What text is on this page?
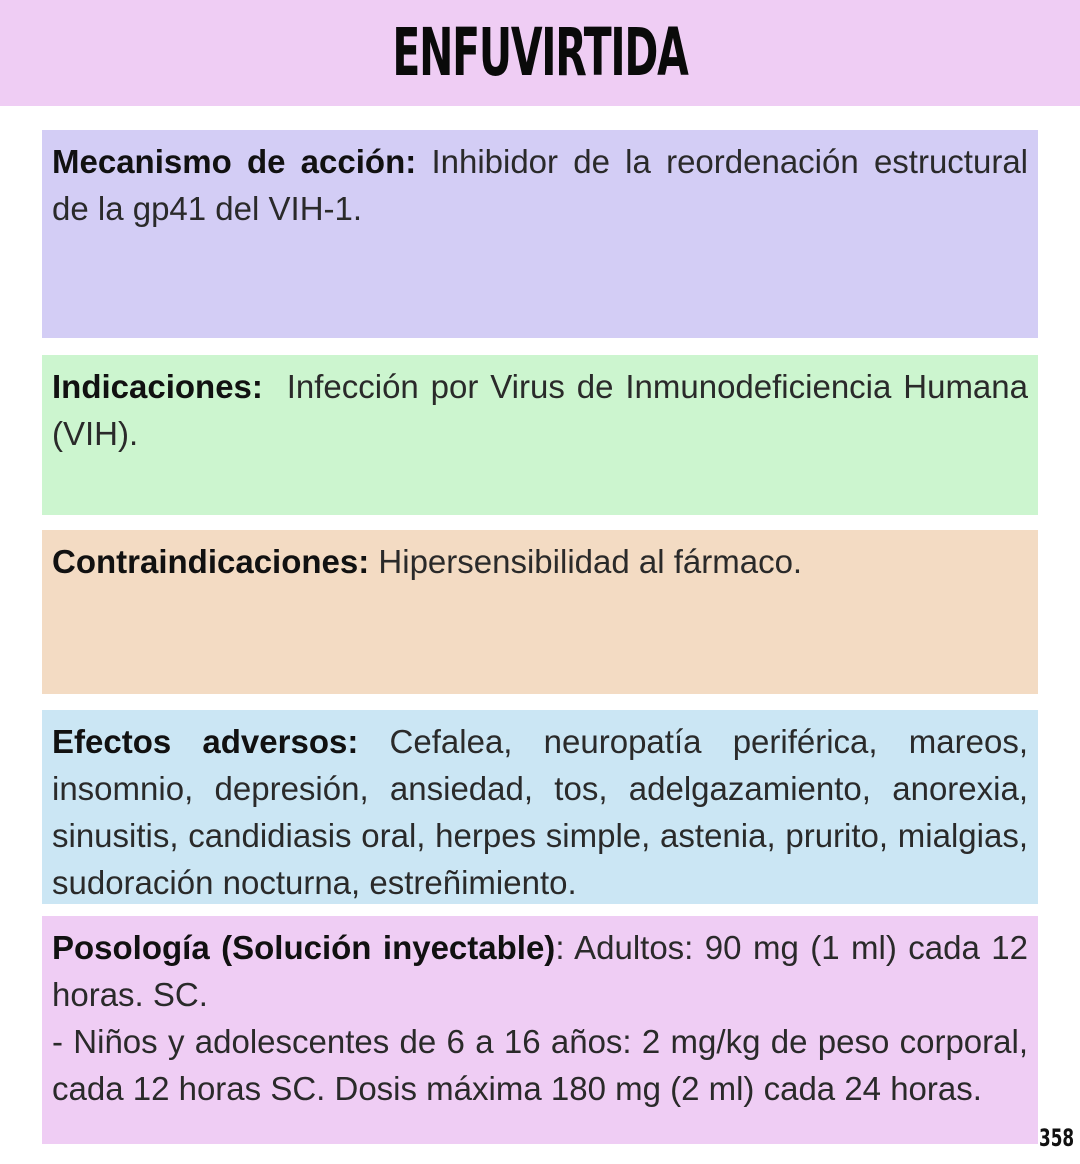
ENFUVIRTIDA

Mecanismo de acción: Inhibidor de la reordenación estructural de la gp41 del VIH-1.

Indicaciones:  Infección por Virus de Inmunodeficiencia Humana (VIH).

Contraindicaciones: Hipersensibilidad al fármaco.

Efectos adversos: Cefalea, neuropatía periférica, mareos, insomnio, depresión, ansiedad, tos, adelgazamiento, anorexia, sinusitis, candidiasis oral, herpes simple, astenia, prurito, mialgias, sudoración nocturna, estreñimiento.

Posología (Solución inyectable): Adultos: 90 mg (1 ml) cada 12 horas. SC.

- Niños y adolescentes de 6 a 16 años: 2 mg/kg de peso corporal, cada 12 horas SC. Dosis máxima 180 mg (2 ml) cada 24 horas.

358
